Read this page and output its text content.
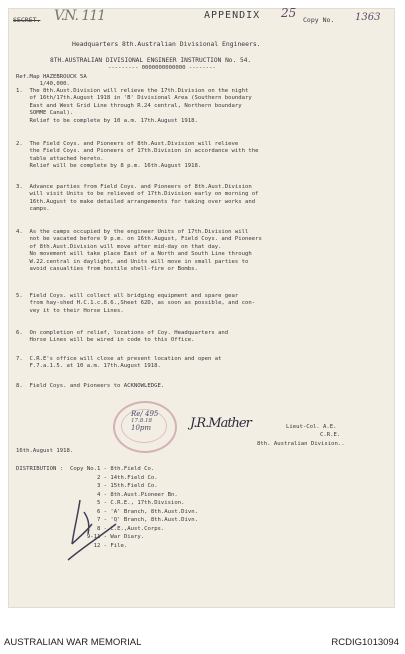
SECRET. V.N. 111	APPENDIX 25 Copy No. 1363
Headquarters 8th.Australian Divisional Engineers.
8TH.AUSTRALIAN DIVISIONAL ENGINEER INSTRUCTION No. 54.
--------- 0000000000000 --------
Ref.Map HAZEBROUCK 5A
1/40,000.
1.  The 8th.Aust.Division will relieve the 17th.Division on the night
of 16th/17th.August 1918 in 'B' Divisional Area (Southern boundary
East and West Grid Line through R.24 central, Northern boundary
SOMME Canal).
Relief to be complete by 10 a.m. 17th.August 1918.
2.  The Field Coys. and Pioneers of 8th.Aust.Division will relieve
the Field Coys. and Pioneers of 17th.Division in accordance with the
table attached hereto.
Relief will be complete by 8 p.m. 16th.August 1918.
3.  Advance parties from Field Coys. and Pioneers of 8th.Aust.Division
will visit Units to be relieved of 17th.Division early on morning of
16th.August to make detailed arrangements for taking over works and
camps.
4.  As the camps occupied by the engineer Units of 17th.Division will
not be vacated before 9 p.m. on 16th.August, Field Coys. and Pioneers
of 8th.Aust.Division will move after mid-day on that day.
No movement will take place East of a North and South Line through
W.22.central in daylight, and Units will move in small parties to
avoid casualties from hostile shell-fire or Bombs.
5.  Field Coys. will collect all bridging equipment and spare gear
from hay-shed H.C.1.c.8.6.,Sheet 62D, as soon as possible, and con-
vey it to their Horse Lines.
6.  On completion of relief, locations of Coy. Headquarters and
Horse Lines will be wired in code to this Office.
7.  C.R.E's office will close at present location and open at
F.7.a.1.5. at 10 a.m. 17th.August 1918.
8.  Field Coys. and Pioneers to ACKNOWLEDGE.
Re/ 495
17.8.18
10pm	J.R.Mather	Lieut-Col. A.E.
C.R.E.
8th. Australian Division..
16th.August 1918.
DISTRIBUTION : Copy No.1 - 8th.Field Co.
2 - 14th.Field Co.
3 - 15th.Field Co.
4 - 8th.Aust.Pioneer Bn.
5 - C.R.E., 17th.Division.
6 - 'A' Branch, 8th.Aust.Divn.
7 - 'Q' Branch, 8th.Aust.Divn.
8 - C.E.,Aust.Corps.
9-11 - War Diary.
12 - File.
AUSTRALIAN WAR MEMORIAL	RCDIG1013094
